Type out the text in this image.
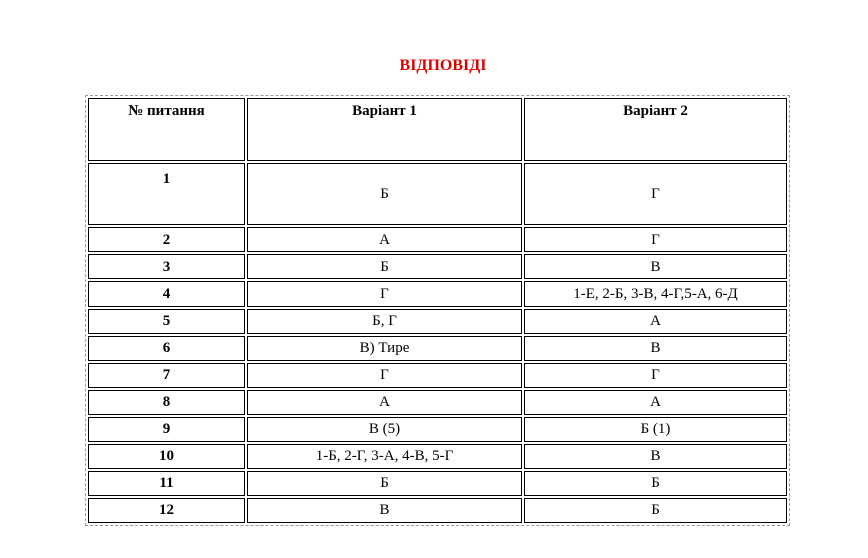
ВІДПОВІДІ
№ питання	Варіант 1	Варіант 2
1	Б	Г
2	А	Г
3	Б	В
4	Г	1-Е, 2-Б, 3-В, 4-Г,5-А, 6-Д
5	Б, Г	А
6	В) Тире	В
7	Г	Г
8	А	А
9	В (5)	Б (1)
10	1-Б, 2-Г, 3-А, 4-В, 5-Г	В
11	Б	Б
12	В	Б
